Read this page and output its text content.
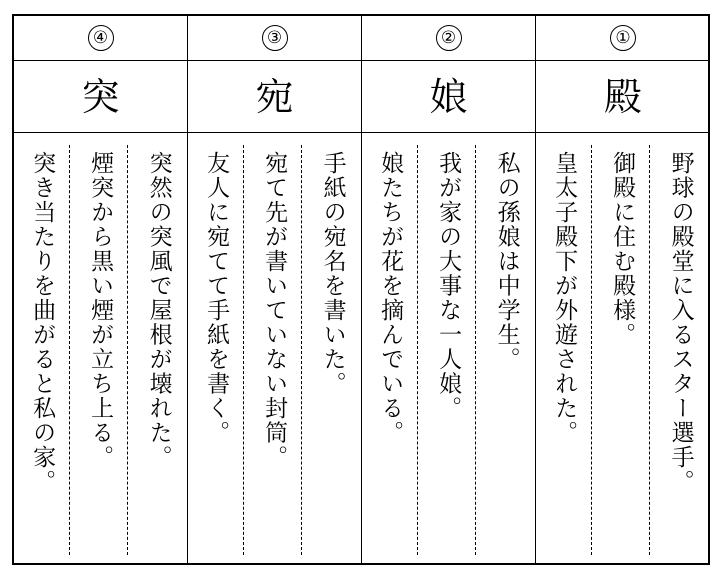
④
突
突き当たりを曲がると私の家。 煙突から黒い煙が立ち上る。 突然の突風で屋根が壊れた。
③
宛
友人に宛てて手紙を書く。 宛て先が書いていない封筒。 手紙の宛名を書いた。
②
娘
娘たちが花を摘んでいる。 我が家の大事な一人娘。 私の孫娘は中学生。
①
殿
皇太子殿下が外遊された。 御殿に住む殿様。 野球の殿堂に入るスター選手。
